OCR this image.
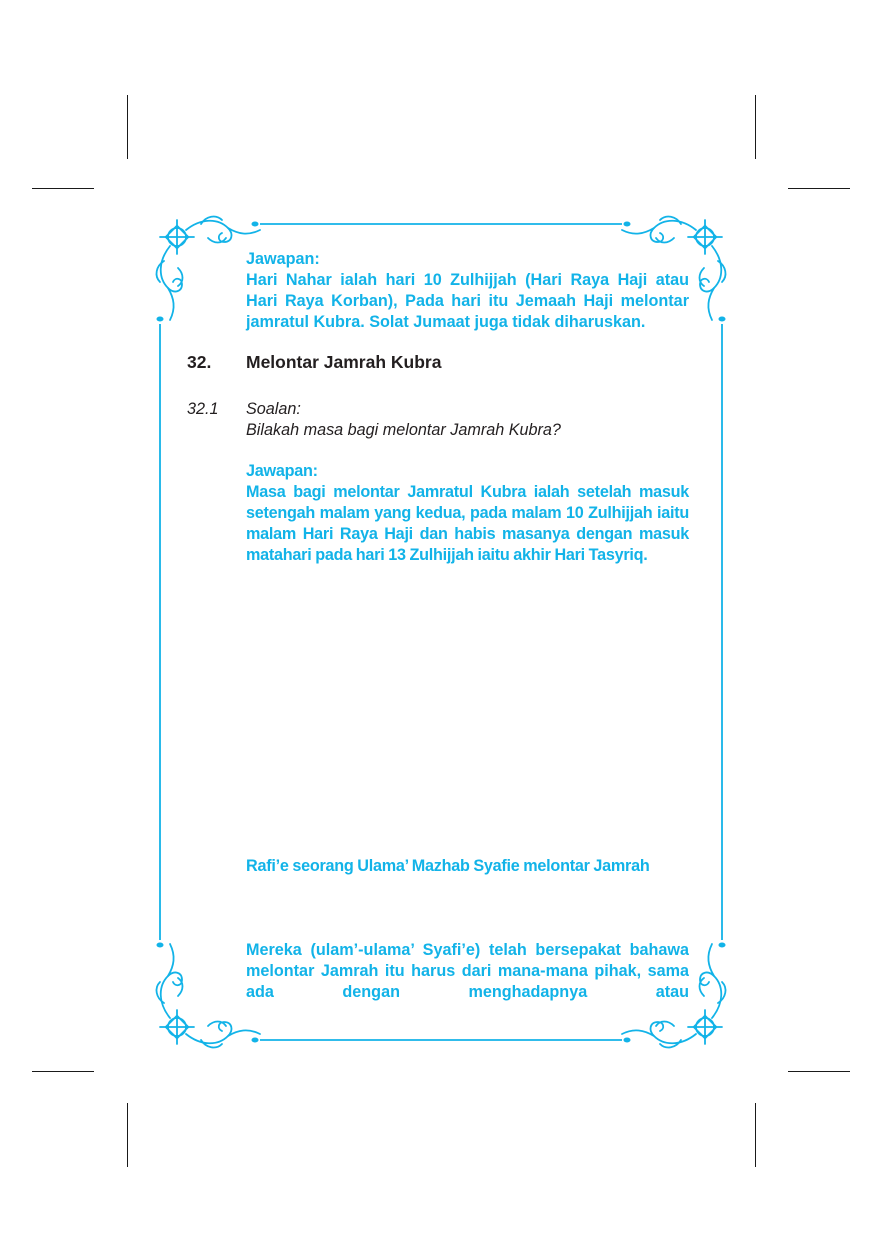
Jawapan:

Hari Nahar ialah hari 10 Zulhijjah (Hari Raya Haji atau Hari Raya Korban), Pada hari itu Jemaah Haji melontar jamratul Kubra. Solat Jumaat juga tidak diharuskan.

32. Melontar Jamrah Kubra
32.1 Soalan:
Bilakah masa bagi melontar Jamrah Kubra?

Jawapan:

Masa bagi melontar Jamratul Kubra ialah setelah masuk setengah malam yang kedua, pada malam 10 Zulhijjah iaitu malam Hari Raya Haji dan habis masanya dengan masuk matahari pada hari 13 Zulhijjah iaitu akhir Hari Tasyriq.

Rafi’e seorang Ulama’ Mazhab Syafie melontar Jamrah
Mereka (ulam’-ulama’ Syafi’e) telah bersepakat bahawa melontar Jamrah itu harus dari mana-mana pihak, sama ada dengan menghadapnya atau
